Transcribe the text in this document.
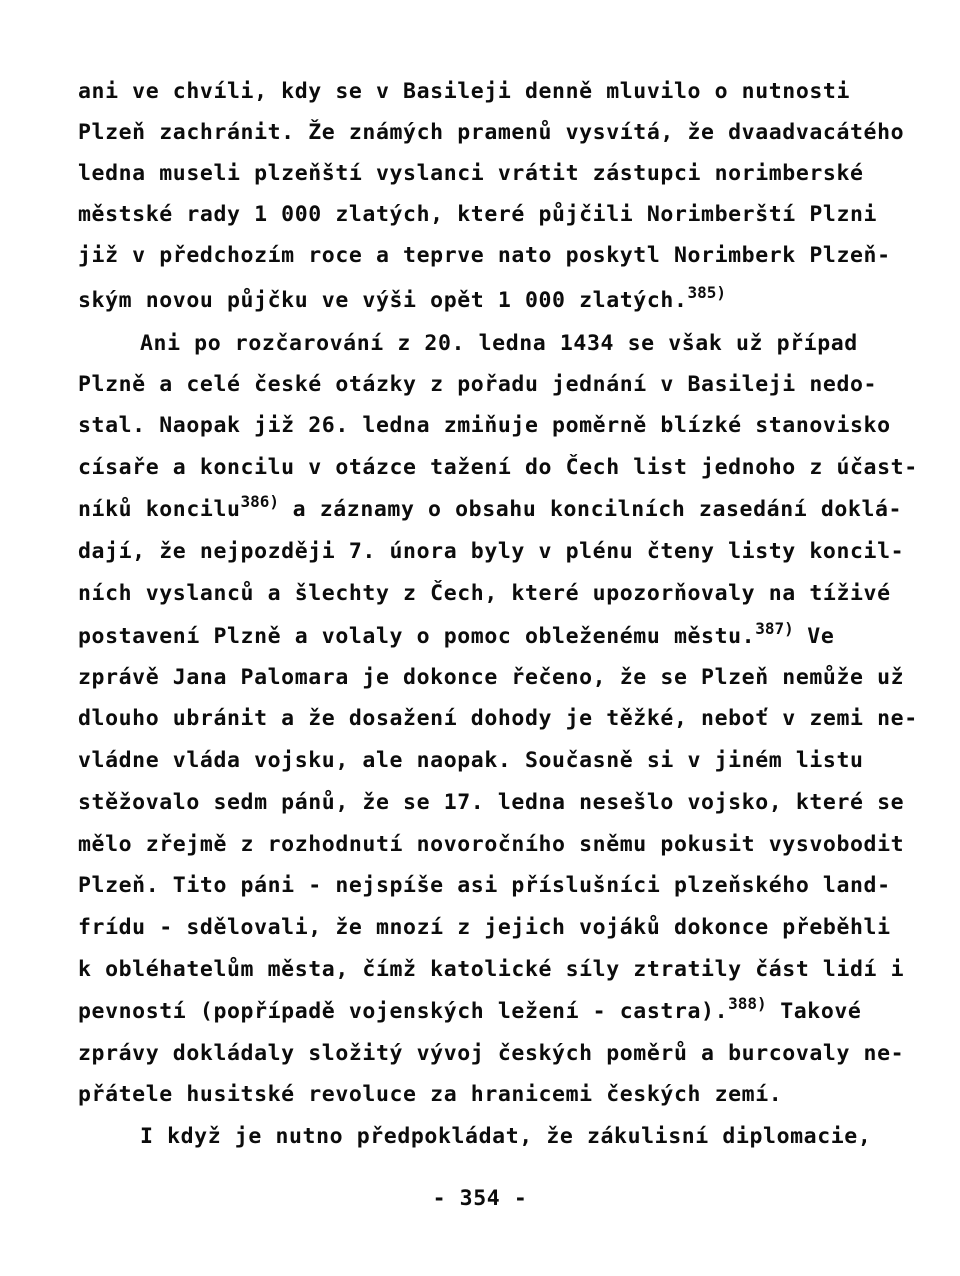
ani ve chvíli, kdy se v Basileji denně mluvilo o nutnosti
Plzeň zachránit. Že známých pramenů vysvítá, že dvaadvacátého
ledna museli plzeňští vyslanci vrátit zástupci norimberské
městské rady 1 000 zlatých, které půjčili Norimberští Plzni
již v předchozím roce a teprve nato poskytl Norimberk Plzeň-
ským novou půjčku ve výši opět 1 000 zlatých.$^{385)}$
Ani po rozčarování z 20. ledna 1434 se však už případ
Plzně a celé české otázky z pořadu jednání v Basileji nedo-
stal. Naopak již 26. ledna zmiňuje poměrně blízké stanovisko
císaře a koncilu v otázce tažení do Čech list jednoho z účast-
níků koncilu$^{386)}$ a záznamy o obsahu koncilních zasedání doklá-
dají, že nejpozději 7. února byly v plénu čteny listy koncil-
ních vyslanců a šlechty z Čech, které upozorňovaly na tíživé
postavení Plzně a volaly o pomoc obleženému městu.$^{387)}$ Ve
zprávě Jana Palomara je dokonce řečeno, že se Plzeň nemůže už
dlouho ubránit a že dosažení dohody je těžké, neboť v zemi ne-
vládne vláda vojsku, ale naopak. Současně si v jiném listu
stěžovalo sedm pánů, že se 17. ledna nesešlo vojsko, které se
mělo zřejmě z rozhodnutí novoročního sněmu pokusit vysvobodit
Plzeň. Tito páni - nejspíše asi příslušníci plzeňského land-
frídu - sdělovali, že mnozí z jejich vojáků dokonce přeběhli
k obléhatelům města, čímž katolické síly ztratily část lidí i
pevností (popřípadě vojenských ležení - castra).$^{388)}$ Takové
zprávy dokládaly složitý vývoj českých poměrů a burcovaly ne-
přátele husitské revoluce za hranicemi českých zemí.
I když je nutno předpokládat, že zákulisní diplomacie,
- 354 -
